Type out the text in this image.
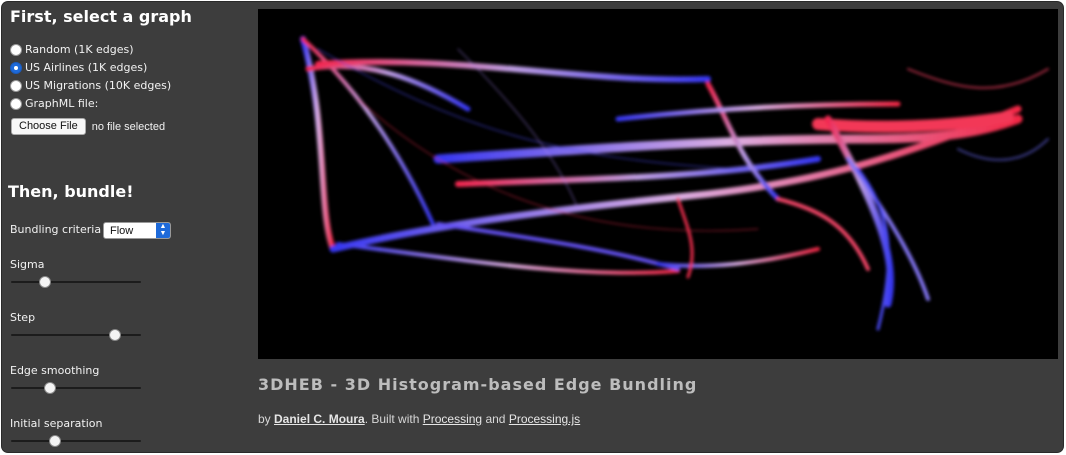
First, select a graph
Random (1K edges)
US Airlines (1K edges)
US Migrations (10K edges)
GraphML file:
Choose File	no file selected
Then, bundle!
Bundling criteria Flow	▲
▼
Sigma
Step
Edge smoothing
Initial separation
3DHEB - 3D Histogram-based Edge Bundling
by Daniel C. Moura. Built with Processing and Processing.js
